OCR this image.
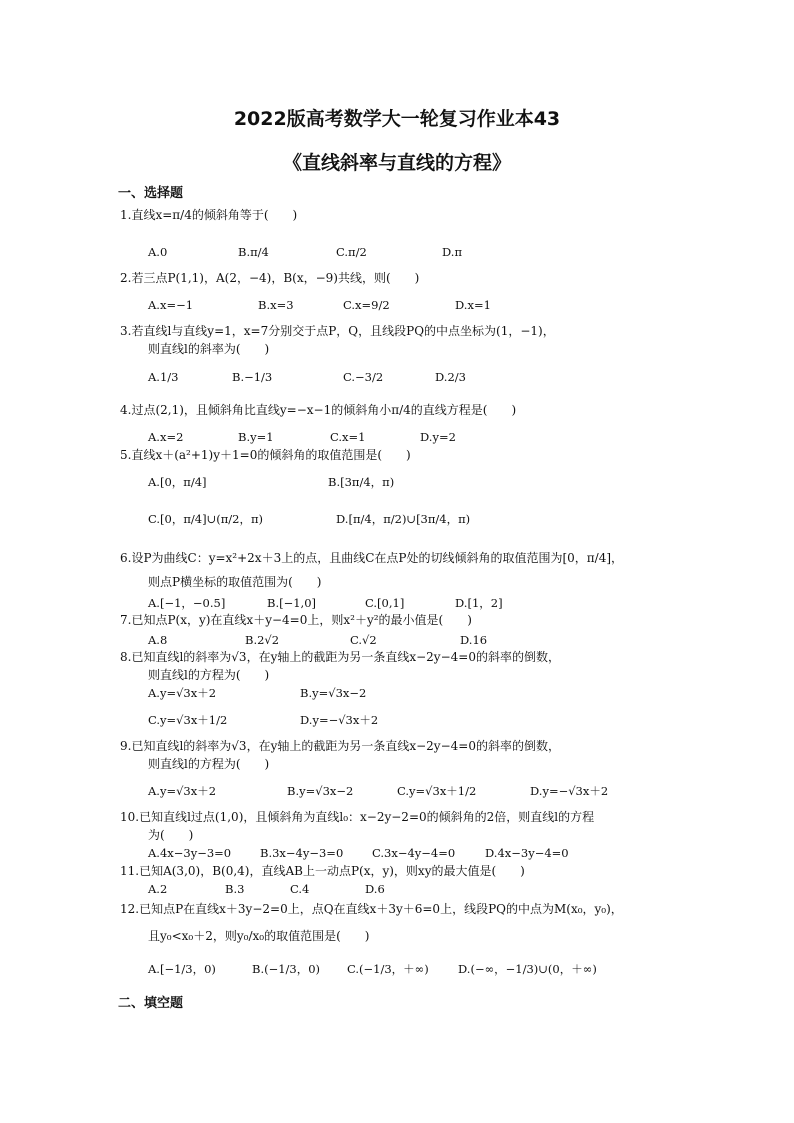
2022版高考数学大一轮复习作业本43
《直线斜率与直线的方程》
一、选择题
1.直线x=π/4的倾斜角等于(　　)
A.0	B.π/4	C.π/2	D.π
2.若三点P(1,1)，A(2，−4)，B(x，−9)共线，则(　　)
A.x=−1	B.x=3	C.x=9/2	D.x=1
3.若直线l与直线y=1，x=7分别交于点P，Q，且线段PQ的中点坐标为(1，−1)，
则直线l的斜率为(　　)
A.1/3	B.−1/3	C.−3/2	D.2/3
4.过点(2,1)，且倾斜角比直线y=−x−1的倾斜角小π/4的直线方程是(　　)
A.x=2	B.y=1	C.x=1	D.y=2
5.直线x＋(a²+1)y＋1=0的倾斜角的取值范围是(　　)
A.[0，π/4]	B.[3π/4，π)
C.[0，π/4]∪(π/2，π)	D.[π/4，π/2)∪[3π/4，π)
6.设P为曲线C：y=x²+2x＋3上的点，且曲线C在点P处的切线倾斜角的取值范围为[0，π/4]，
则点P横坐标的取值范围为(　　)
A.[−1，−0.5]	B.[−1,0]	C.[0,1]	D.[1，2]
7.已知点P(x，y)在直线x＋y−4=0上，则x²＋y²的最小值是(　　)
A.8	B.2√2	C.√2	D.16
8.已知直线l的斜率为√3，在y轴上的截距为另一条直线x−2y−4=0的斜率的倒数，
则直线l的方程为(　　)
A.y=√3x＋2	B.y=√3x−2
C.y=√3x＋1/2	D.y=−√3x＋2
9.已知直线l的斜率为√3，在y轴上的截距为另一条直线x−2y−4=0的斜率的倒数，
则直线l的方程为(　　)
A.y=√3x＋2	B.y=√3x−2	C.y=√3x＋1/2	D.y=−√3x＋2
10.已知直线l过点(1,0)，且倾斜角为直线l₀：x−2y−2=0的倾斜角的2倍，则直线l的方程
为(　　)
A.4x−3y−3=0	B.3x−4y−3=0 C.3x−4y−4=0	D.4x−3y−4=0
11.已知A(3,0)，B(0,4)，直线AB上一动点P(x，y)，则xy的最大值是(　　)
A.2	B.3	C.4	D.6
12.已知点P在直线x＋3y−2=0上，点Q在直线x＋3y＋6=0上，线段PQ的中点为M(x₀，y₀)，
且y₀<x₀＋2，则y₀/x₀的取值范围是(　　)
A.[−1/3，0)	B.(−1/3，0) C.(−1/3，＋∞)	D.(−∞，−1/3)∪(0，＋∞)
二、填空题
